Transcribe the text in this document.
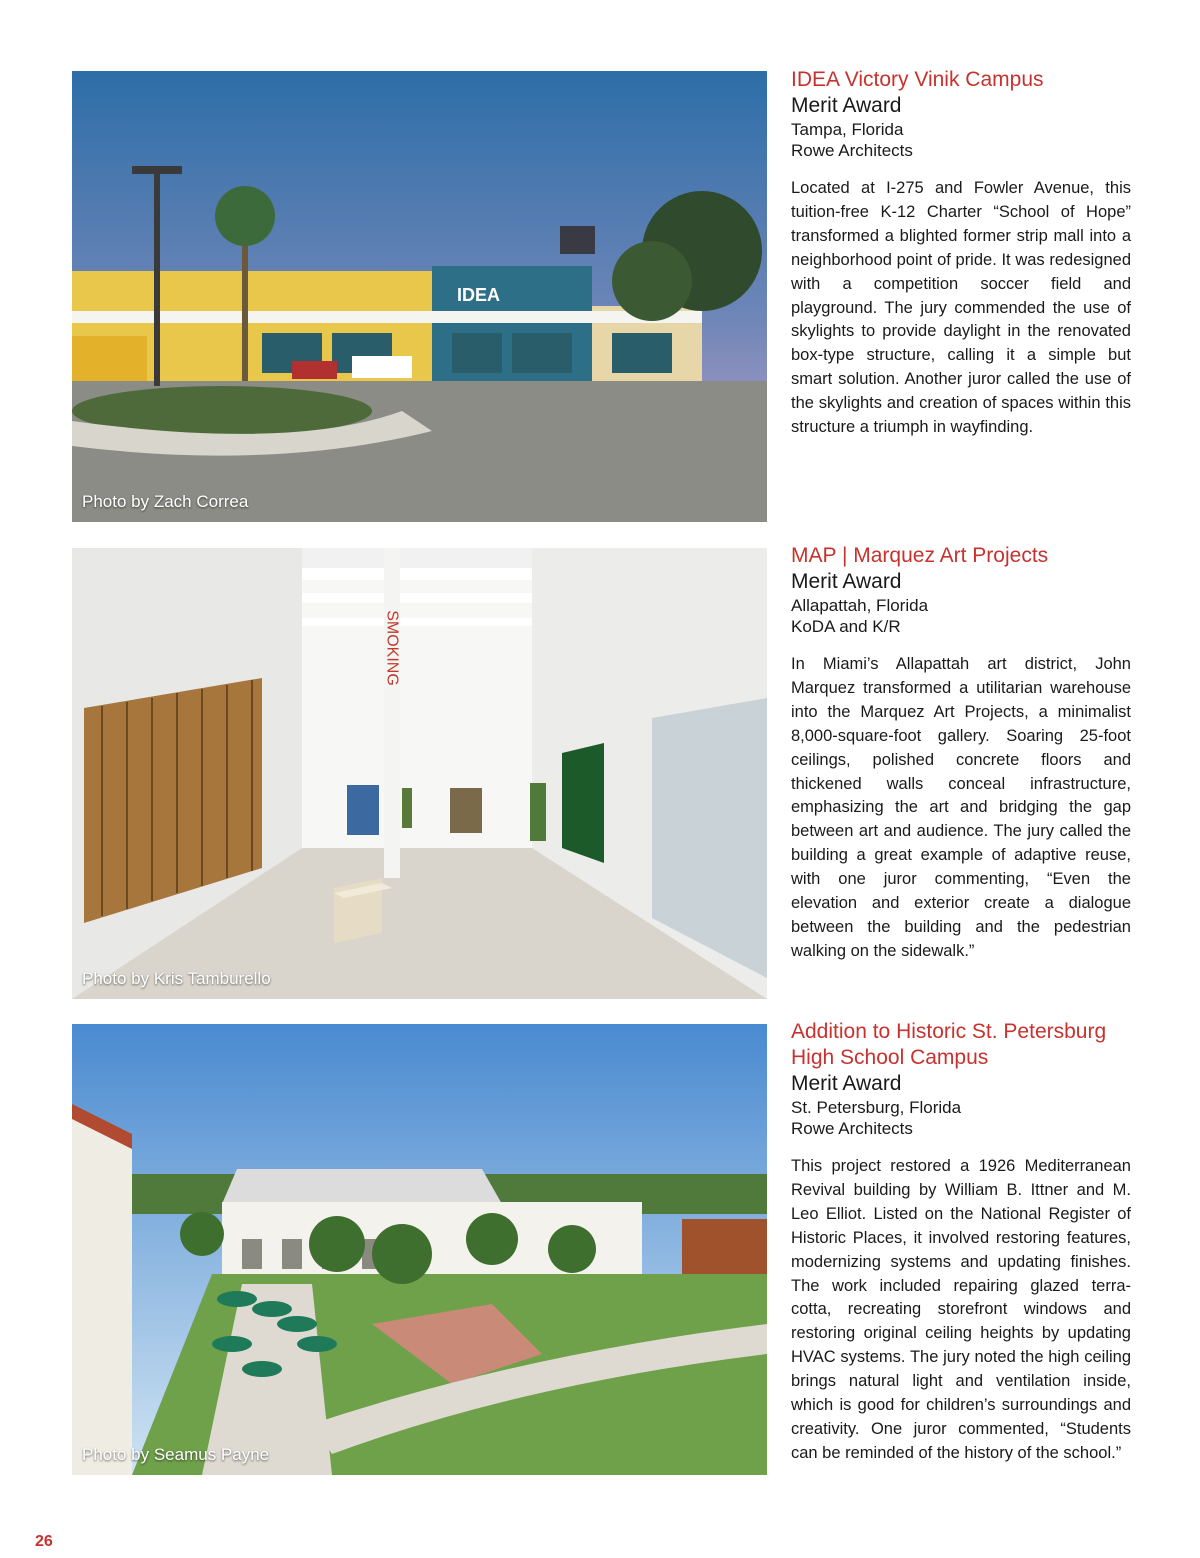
IDEA
Photo by Zach Correa
IDEA Victory Vinik Campus

Merit Award

Tampa, Florida

Rowe Architects

Located at I-275 and Fowler Avenue, this tuition-free K-12 Charter “School of Hope” transformed a blighted former strip mall into a neighborhood point of pride. It was redesigned with a competition soccer field and playground. The jury commended the use of skylights to provide daylight in the renovated box-type structure, calling it a simple but smart solution. Another juror called the use of the skylights and creation of spaces within this structure a triumph in wayfinding.
SMOKING
Photo by Kris Tamburello
MAP | Marquez Art Projects

Merit Award

Allapattah, Florida

KoDA and K/R

In Miami’s Allapattah art district, John Marquez transformed a utilitarian warehouse into the Marquez Art Projects, a minimalist 8,000-square-foot gallery. Soaring 25-foot ceilings, polished concrete floors and thickened walls conceal infrastructure, emphasizing the art and bridging the gap between art and audience. The jury called the building a great example of adaptive reuse, with one juror commenting, “Even the elevation and exterior create a dialogue between the building and the pedestrian walking on the sidewalk.”
Photo by Seamus Payne
Addition to Historic St. Petersburg High School Campus

Merit Award

St. Petersburg, Florida

Rowe Architects

This project restored a 1926 Mediterranean Revival building by William B. Ittner and M. Leo Elliot. Listed on the National Register of Historic Places, it involved restoring features, modernizing systems and updating finishes. The work included repairing glazed terra-cotta, recreating storefront windows and restoring original ceiling heights by updating HVAC systems. The jury noted the high ceiling brings natural light and ventilation inside, which is good for children’s surroundings and creativity. One juror commented, “Students can be reminded of the history of the school.”
26
